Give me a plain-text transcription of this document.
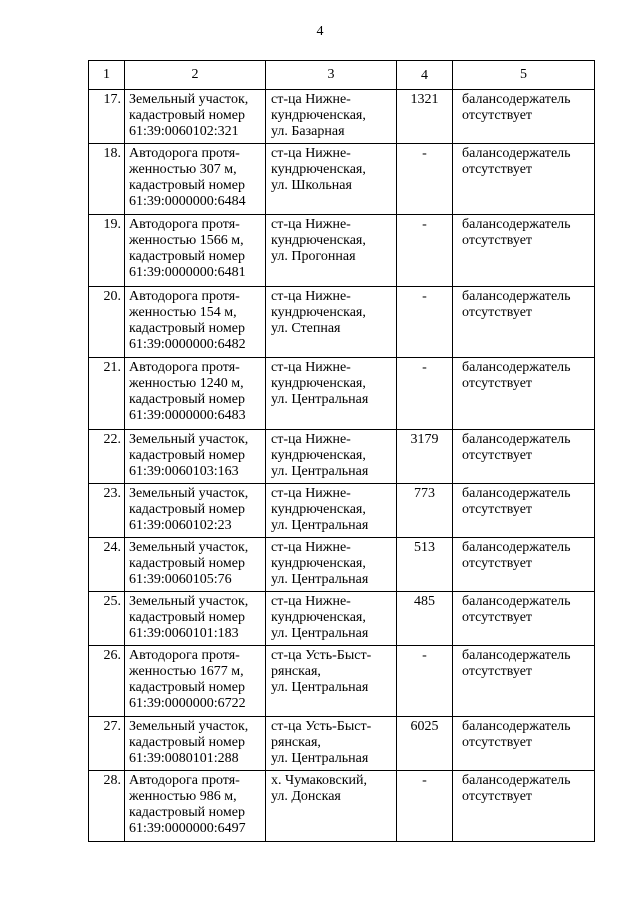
4
1	2	3	4	5
17.	Земельный участок,
кадастровый номер
61:39:0060102:321	ст-ца Нижне-
кундрюченская,
ул. Базарная	1321	балансодержатель
отсутствует
18.	Автодорога протя-
женностью 307 м,
кадастровый номер
61:39:0000000:6484	ст-ца Нижне-
кундрюченская,
ул. Школьная	-	балансодержатель
отсутствует
19.	Автодорога протя-
женностью 1566 м,
кадастровый номер
61:39:0000000:6481	ст-ца Нижне-
кундрюченская,
ул. Прогонная	-	балансодержатель
отсутствует
20.	Автодорога протя-
женностью 154 м,
кадастровый номер
61:39:0000000:6482	ст-ца Нижне-
кундрюченская,
ул. Степная	-	балансодержатель
отсутствует
21.	Автодорога протя-
женностью 1240 м,
кадастровый номер
61:39:0000000:6483	ст-ца Нижне-
кундрюченская,
ул. Центральная	-	балансодержатель
отсутствует
22.	Земельный участок,
кадастровый номер
61:39:0060103:163	ст-ца Нижне-
кундрюченская,
ул. Центральная	3179	балансодержатель
отсутствует
23.	Земельный участок,
кадастровый номер
61:39:0060102:23	ст-ца Нижне-
кундрюченская,
ул. Центральная	773	балансодержатель
отсутствует
24.	Земельный участок,
кадастровый номер
61:39:0060105:76	ст-ца Нижне-
кундрюченская,
ул. Центральная	513	балансодержатель
отсутствует
25.	Земельный участок,
кадастровый номер
61:39:0060101:183	ст-ца Нижне-
кундрюченская,
ул. Центральная	485	балансодержатель
отсутствует
26.	Автодорога протя-
женностью 1677 м,
кадастровый номер
61:39:0000000:6722	ст-ца Усть-Быст-
рянская,
ул. Центральная	-	балансодержатель
отсутствует
27.	Земельный участок,
кадастровый номер
61:39:0080101:288	ст-ца Усть-Быст-
рянская,
ул. Центральная	6025	балансодержатель
отсутствует
28.	Автодорога протя-
женностью 986 м,
кадастровый номер
61:39:0000000:6497	х. Чумаковский,
ул. Донская	-	балансодержатель
отсутствует
